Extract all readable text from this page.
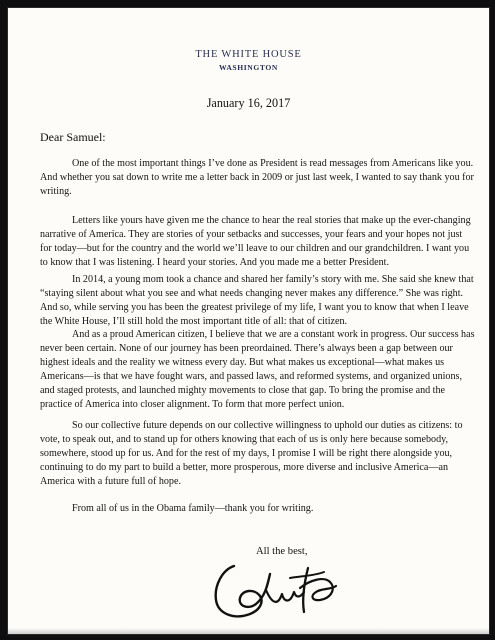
THE WHITE HOUSE
WASHINGTON
January 16, 2017
Dear Samuel:

One of the most important things I’ve done as President is read messages from Americans like you. And whether you sat down to write me a letter back in 2009 or just last week, I wanted to say thank you for writing.

Letters like yours have given me the chance to hear the real stories that make up the ever-changing narrative of America. They are stories of your setbacks and successes, your fears and your hopes not just for today—but for the country and the world we’ll leave to our children and our grandchildren. I want you to know that I was listening. I heard your stories. And you made me a better President.

In 2014, a young mom took a chance and shared her family’s story with me. She said she knew that “staying silent about what you see and what needs changing never makes any difference.” She was right. And so, while serving you has been the greatest privilege of my life, I want you to know that when I leave the White House, I’ll still hold the most important title of all: that of citizen.

And as a proud American citizen, I believe that we are a constant work in progress. Our success has never been certain. None of our journey has been preordained. There’s always been a gap between our highest ideals and the reality we witness every day. But what makes us exceptional—what makes us Americans—is that we have fought wars, and passed laws, and reformed systems, and organized unions, and staged protests, and launched mighty movements to close that gap. To bring the promise and the practice of America into closer alignment. To form that more perfect union.

So our collective future depends on our collective willingness to uphold our duties as citizens: to vote, to speak out, and to stand up for others knowing that each of us is only here because somebody, somewhere, stood up for us. And for the rest of my days, I promise I will be right there alongside you, continuing to do my part to build a better, more prosperous, more diverse and inclusive America—an America with a future full of hope.

From all of us in the Obama family—thank you for writing.

All the best,
